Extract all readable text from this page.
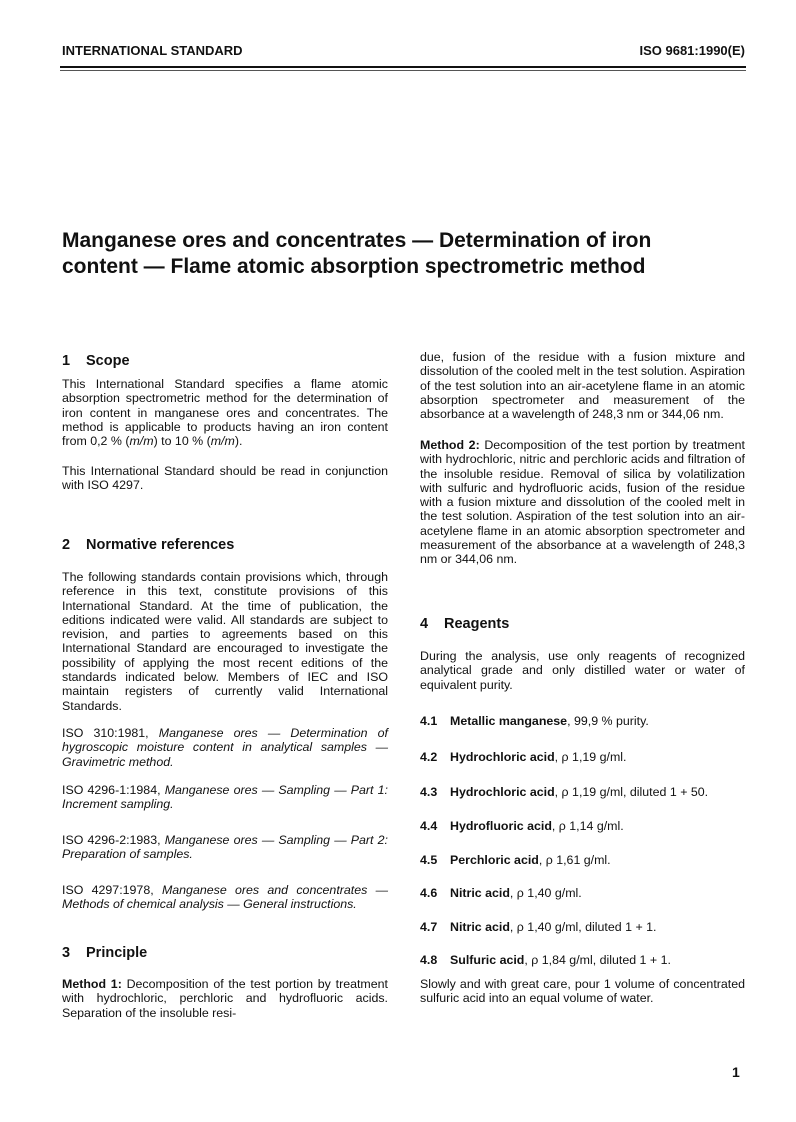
INTERNATIONAL STANDARD	ISO 9681:1990(E)
Manganese ores and concentrates — Determination of iron
content — Flame atomic absorption spectrometric method
1 Scope
This International Standard specifies a flame atomic absorption spectrometric method for the determination of iron content in manganese ores and concentrates. The method is applicable to products having an iron content from 0,2 % (m/m) to 10 % (m/m).
This International Standard should be read in conjunction with ISO 4297.
2 Normative references
The following standards contain provisions which, through reference in this text, constitute provisions of this International Standard. At the time of publication, the editions indicated were valid. All standards are subject to revision, and parties to agreements based on this International Standard are encouraged to investigate the possibility of applying the most recent editions of the standards indicated below. Members of IEC and ISO maintain registers of currently valid International Standards.
ISO 310:1981, Manganese ores — Determination of hygroscopic moisture content in analytical samples — Gravimetric method.
ISO 4296-1:1984, Manganese ores — Sampling — Part 1: Increment sampling.
ISO 4296-2:1983, Manganese ores — Sampling — Part 2: Preparation of samples.
ISO 4297:1978, Manganese ores and concentrates — Methods of chemical analysis — General instructions.
3 Principle
Method 1: Decomposition of the test portion by treatment with hydrochloric, perchloric and hydrofluoric acids. Separation of the insoluble resi-
due, fusion of the residue with a fusion mixture and dissolution of the cooled melt in the test solution. Aspiration of the test solution into an air-acetylene flame in an atomic absorption spectrometer and measurement of the absorbance at a wavelength of 248,3 nm or 344,06 nm.
Method 2: Decomposition of the test portion by treatment with hydrochloric, nitric and perchloric acids and filtration of the insoluble residue. Removal of silica by volatilization with sulfuric and hydrofluoric acids, fusion of the residue with a fusion mixture and dissolution of the cooled melt in the test solution. Aspiration of the test solution into an air-acetylene flame in an atomic absorption spectrometer and measurement of the absorbance at a wavelength of 248,3 nm or 344,06 nm.
4 Reagents
During the analysis, use only reagents of recognized analytical grade and only distilled water or water of equivalent purity.
4.1 Metallic manganese, 99,9 % purity.
4.2 Hydrochloric acid, ρ 1,19 g/ml.
4.3 Hydrochloric acid, ρ 1,19 g/ml, diluted 1 + 50.
4.4 Hydrofluoric acid, ρ 1,14 g/ml.
4.5 Perchloric acid, ρ 1,61 g/ml.
4.6 Nitric acid, ρ 1,40 g/ml.
4.7 Nitric acid, ρ 1,40 g/ml, diluted 1 + 1.
4.8 Sulfuric acid, ρ 1,84 g/ml, diluted 1 + 1.
Slowly and with great care, pour 1 volume of concentrated sulfuric acid into an equal volume of water.
1
